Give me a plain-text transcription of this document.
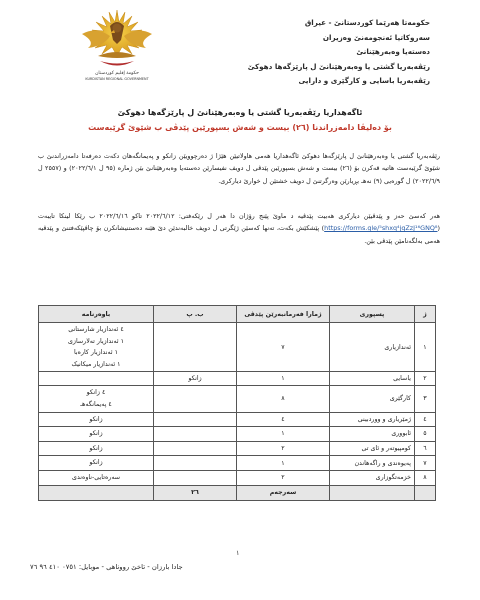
حكومة إقليم كوردستان
KURDISTAN REGIONAL GOVERNMENT
حکومەتا هەرێما کوردستانێ - عیراق
سەروکاتیا ئەنجومەنێ وەزیران
دەستەیا وەبەرهێنانێ
رێڤەبەریا گشتی یا وەبەرهێنانێ ل پارێزگەها دهوکێ
رێڤەبەریا باسایی و کارگێری و دارایی
ئاگەهداریا رێڤەبەریا گشتی یا وەبەرهێنانێ ل پارێزگەها دهوکێ
بۆ دەلیڤا دامەزراندنا (٢٦) بیست و شەش بسپورێین پێدڤی ب شێوێ گرێبەست
رێڤەبەریا گشتی یا وەبەرهێنانێ ل پارێزگەها دهوکێ ئاگەهداریا هەمی هاولاتیێن هێژا ژ دەرچوویێن زانکو و پەیمانگەهان دکەت دەرفەتا دامەزراندنێ ب شێوێ گرێبەست هاتیە قەکرن بۆ (٢٦) بیست و شەش بسپورێین پێدڤی ل دویف نفیسارێن دەستەیا وەبەرهێنانێ بێن ژمارە (٩٥ ل ٢٠٢٢/٦/١) و (٢٥٥٧ ل ٢٠٢٢/٦/٩) ل گورەیی (٩) نەهـ بڕیارێن وەرگرتنێ ل دویف خشتێن ل خوارێ دیارکری.
هەر کەسێ حەز و پێدڤیێن دیارکری هەبیت پێدڤیە د ماوێ پێنج رۆژان دا هەر ل رێکەفتی: ٢٠٢٢/٦/١٢ تاکو ٢٠٢٢/٦/١٦ ب رێکا لینکا تایبەت (https://forms.gle/⁵shxq⁴jqZzJ¹⁶GNQ⁸) پێشکێش بکەت، تەنها کەسێن ژێگرتی ل دویف خالبەندێن دێ هێنە دەستنیشانکرن بۆ چاڤپێکەفتنێ و پێدڤیە هەمی بەلگەنامێن پێدڤی بێن.
ژ	پسپوری	ژمارا فەرمانبەرێن پێدڤی	ب. پ	باوەرنامە
١	ئەندازیاری	٧		٤ ئەندازیار شارستانی
١ ئەندازیار تەلارسازی
١ ئەندازیار کارەبا
١ ئەندازیار میکانیک

٢	یاسایی	١	زانکو	
٣	کارگێری	٨		٤ زانکو
٤ پەیمانگەهـ

٤	ژمێریاری و ووردبینی	٤		زانکو

٥	ئابووری	١		زانکو

٦	کومپیوتەر و ئای تی	٢		زانکو

٧	پەیوەندی و راگەهاندن	١		زانکو

٨	خزمەتگوزاری	٢		سەرەتایی-ناوەندی

		سەرجەم	٢٦	
١
جادا بارزان - تاخێ رووناهی - موبایل: ٠٧٥١ ٤١٠ ٩٦ ٧٦
